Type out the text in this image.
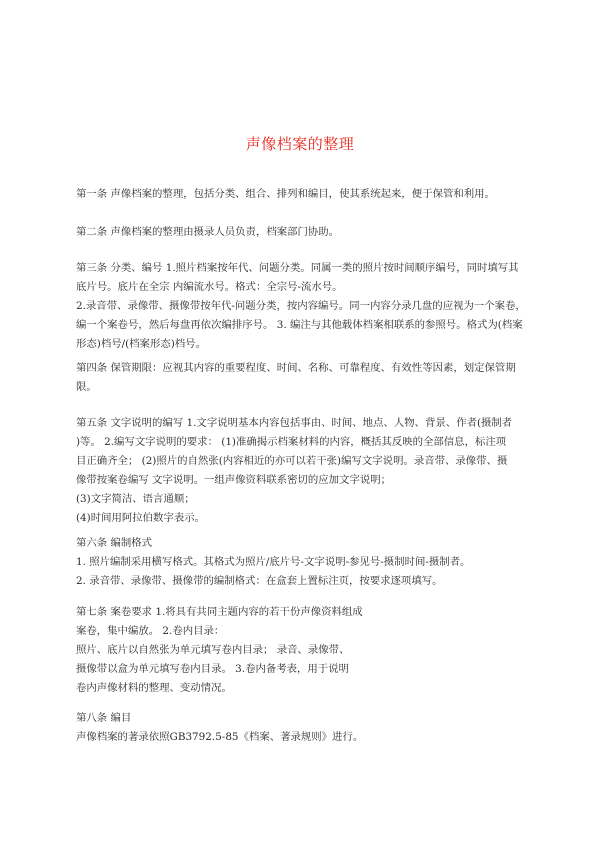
声像档案的整理
第一条 声像档案的整理，包括分类、组合、排列和编目，使其系统起来，便于保管和利用。
第二条 声像档案的整理由摄录人员负责，档案部门协助。
第三条 分类、编号 1.照片档案按年代、问题分类。同属一类的照片按时间顺序编号，同时填写其
底片号。底片在全宗 内编流水号。格式：全宗号-流水号。
2.录音带、录像带、摄像带按年代-问题分类，按内容编号。同一内容分录几盘的应视为一个案卷，
编一个案卷号，然后每盘再依次编排序号。 3. 编注与其他载体档案相联系的参照号。格式为(档案
形态)档号/(档案形态)档号。
第四条 保管期限：应视其内容的重要程度、时间、名称、可靠程度、有效性等因素，划定保管期
限。
第五条 文字说明的编写 1.文字说明基本内容包括事由、时间、地点、人物、背景、作者(摄制者
)等。 2.编写文字说明的要求： (1)准确揭示档案材料的内容，概括其反映的全部信息，标注项
目正确齐全； (2)照片的自然张(内容相近的亦可以若干张)编写文字说明。录音带、录像带、摄
像带按案卷编写 文字说明。一组声像资料联系密切的应加文字说明；
(3)文字简洁、语言通顺；
(4)时间用阿拉伯数字表示。
第六条 编制格式
1. 照片编制采用横写格式。其格式为照片/底片号-文字说明-参见号-摄制时间-摄制者。
2. 录音带、录像带、摄像带的编制格式：在盒套上置标注页，按要求逐项填写。
第七条 案卷要求 1.将具有共同主题内容的若干份声像资料组成
案卷，集中编放。 2.卷内目录：
照片、底片以自然张为单元填写卷内目录； 录音、录像带、
摄像带以盒为单元填写卷内目录。 3.卷内备考表，用于说明
卷内声像材料的整理、变动情况。
第八条 编目
声像档案的著录依照GB3792.5-85《档案、著录规则》进行。
